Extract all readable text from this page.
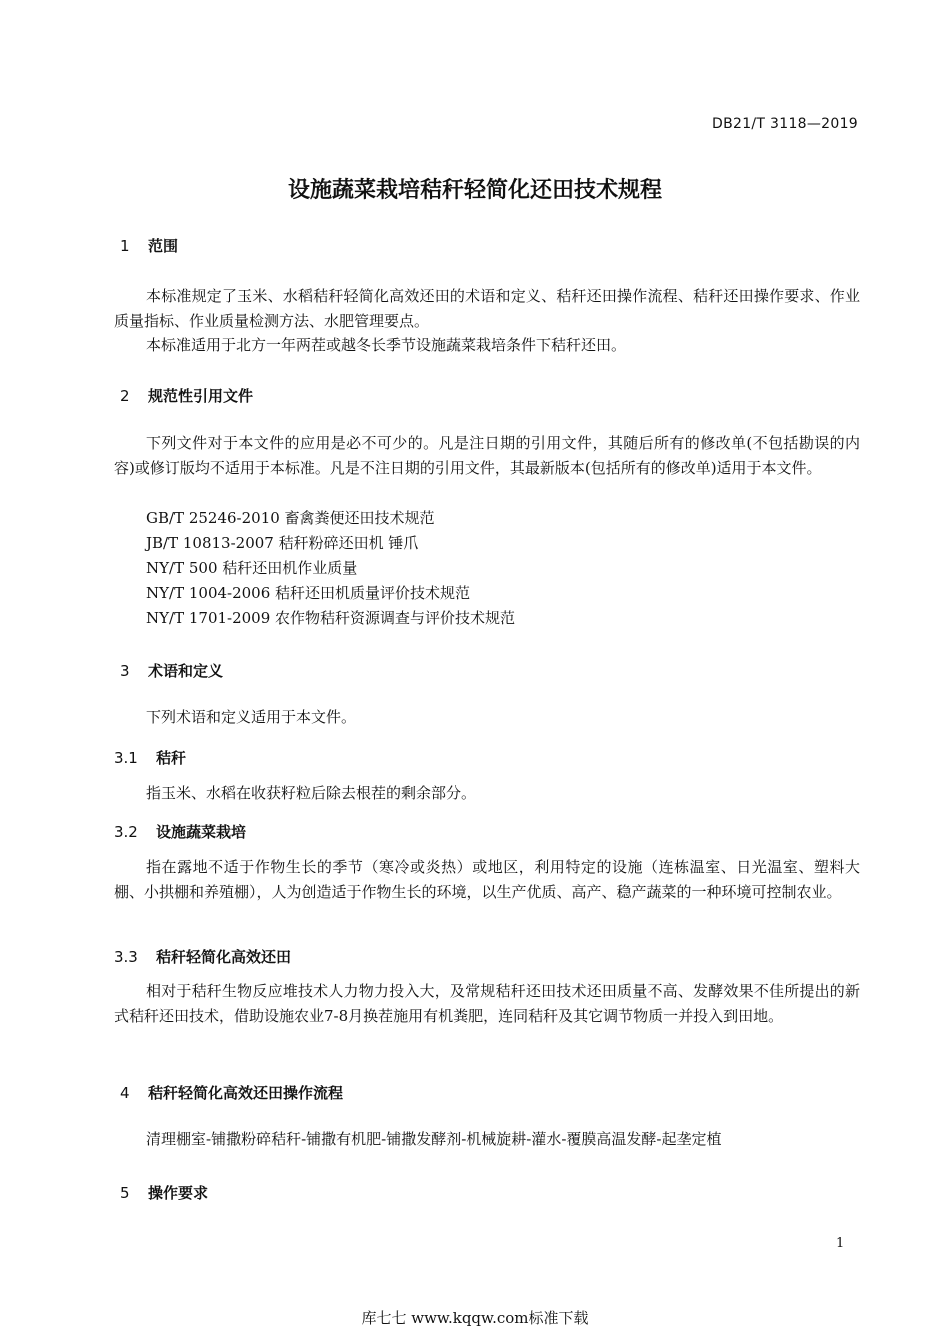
DB21/T 3118—2019
设施蔬菜栽培秸秆轻简化还田技术规程
1 范围
本标准规定了玉米、水稻秸秆轻简化高效还田的术语和定义、秸秆还田操作流程、秸秆还田操作要求、作业质量指标、作业质量检测方法、水肥管理要点。
本标准适用于北方一年两茬或越冬长季节设施蔬菜栽培条件下秸秆还田。
2 规范性引用文件
下列文件对于本文件的应用是必不可少的。凡是注日期的引用文件，其随后所有的修改单(不包括勘误的内容)或修订版均不适用于本标准。凡是不注日期的引用文件，其最新版本(包括所有的修改单)适用于本文件。
GB/T 25246-2010 畜禽粪便还田技术规范
JB/T 10813-2007 秸秆粉碎还田机 锤爪
NY/T 500 秸秆还田机作业质量
NY/T 1004-2006 秸秆还田机质量评价技术规范
NY/T 1701-2009 农作物秸秆资源调查与评价技术规范
3 术语和定义
下列术语和定义适用于本文件。
3.1 秸秆
指玉米、水稻在收获籽粒后除去根茬的剩余部分。
3.2 设施蔬菜栽培
指在露地不适于作物生长的季节（寒冷或炎热）或地区，利用特定的设施（连栋温室、日光温室、塑料大棚、小拱棚和养殖棚），人为创造适于作物生长的环境，以生产优质、高产、稳产蔬菜的一种环境可控制农业。
3.3 秸秆轻简化高效还田
相对于秸秆生物反应堆技术人力物力投入大，及常规秸秆还田技术还田质量不高、发酵效果不佳所提出的新式秸秆还田技术，借助设施农业7-8月换茬施用有机粪肥，连同秸秆及其它调节物质一并投入到田地。
4 秸秆轻简化高效还田操作流程
清理棚室-铺撒粉碎秸秆-铺撒有机肥-铺撒发酵剂-机械旋耕-灌水-覆膜高温发酵-起垄定植
5 操作要求
1
库七七 www.kqqw.com标准下载
